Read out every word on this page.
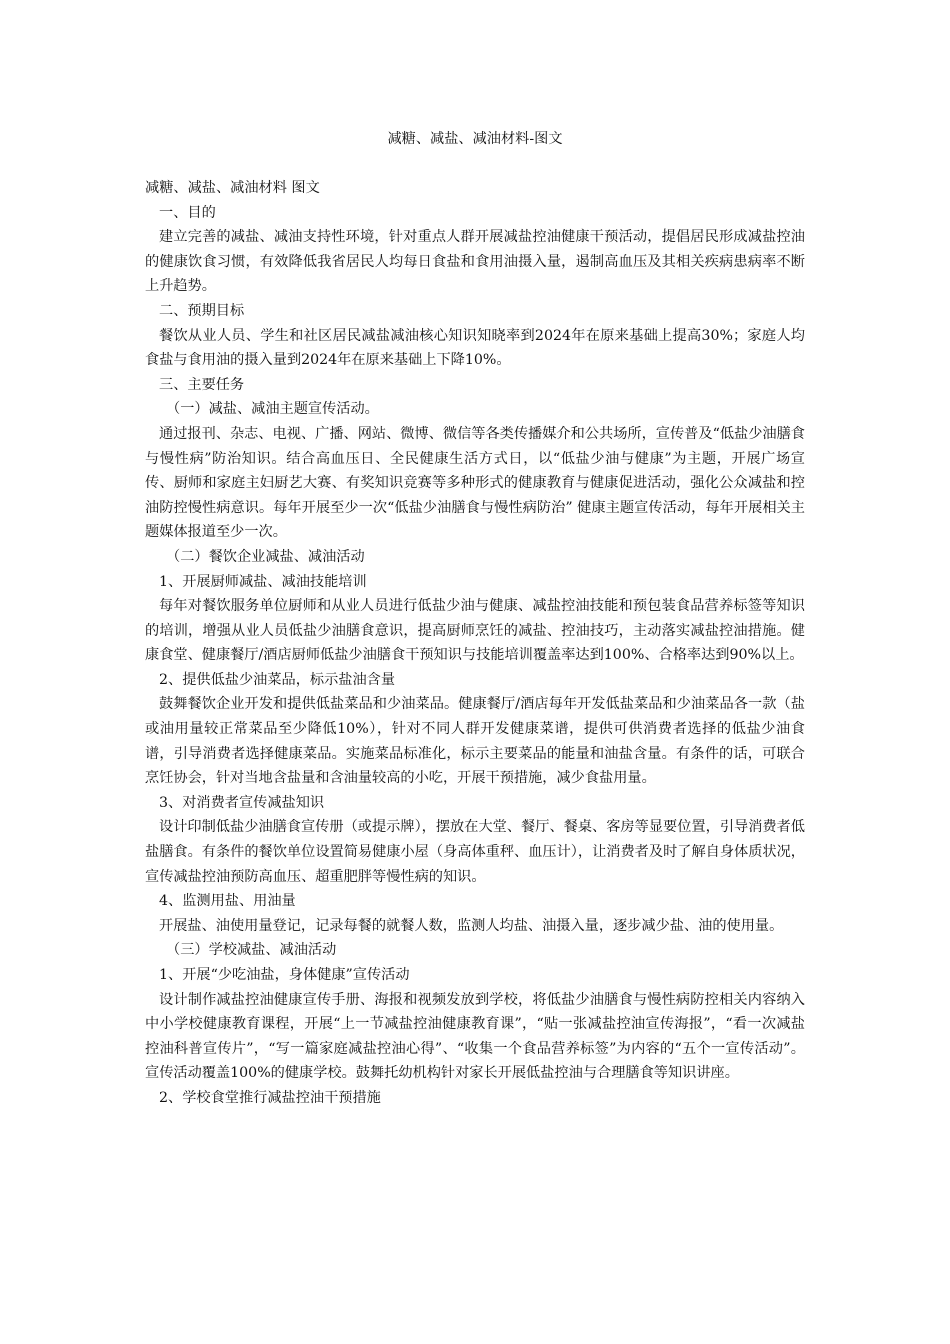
减糖、减盐、减油材料-图文
减糖、减盐、减油材料 图文
一、目的
建立完善的减盐、减油支持性环境，针对重点人群开展减盐控油健康干预活动，提倡居民形成减盐控油的健康饮食习惯，有效降低我省居民人均每日食盐和食用油摄入量，遏制高血压及其相关疾病患病率不断上升趋势。
二、预期目标
餐饮从业人员、学生和社区居民减盐减油核心知识知晓率到2024年在原来基础上提高30%；家庭人均食盐与食用油的摄入量到2024年在原来基础上下降10%。
三、主要任务
（一）减盐、减油主题宣传活动。
通过报刊、杂志、电视、广播、网站、微博、微信等各类传播媒介和公共场所，宣传普及“低盐少油膳食与慢性病”防治知识。结合高血压日、全民健康生活方式日，以“低盐少油与健康”为主题，开展广场宣传、厨师和家庭主妇厨艺大赛、有奖知识竞赛等多种形式的健康教育与健康促进活动，强化公众减盐和控油防控慢性病意识。每年开展至少一次“低盐少油膳食与慢性病防治” 健康主题宣传活动，每年开展相关主题媒体报道至少一次。
（二）餐饮企业减盐、减油活动
1、开展厨师减盐、减油技能培训
每年对餐饮服务单位厨师和从业人员进行低盐少油与健康、减盐控油技能和预包装食品营养标签等知识的培训，增强从业人员低盐少油膳食意识，提高厨师烹饪的减盐、控油技巧，主动落实减盐控油措施。健康食堂、健康餐厅/酒店厨师低盐少油膳食干预知识与技能培训覆盖率达到100%、合格率达到90%以上。
2、提供低盐少油菜品，标示盐油含量
鼓舞餐饮企业开发和提供低盐菜品和少油菜品。健康餐厅/酒店每年开发低盐菜品和少油菜品各一款（盐或油用量较正常菜品至少降低10%），针对不同人群开发健康菜谱，提供可供消费者选择的低盐少油食谱，引导消费者选择健康菜品。实施菜品标准化，标示主要菜品的能量和油盐含量。有条件的话，可联合烹饪协会，针对当地含盐量和含油量较高的小吃，开展干预措施，减少食盐用量。
3、对消费者宣传减盐知识
设计印制低盐少油膳食宣传册（或提示牌），摆放在大堂、餐厅、餐桌、客房等显要位置，引导消费者低盐膳食。有条件的餐饮单位设置简易健康小屋（身高体重秤、血压计），让消费者及时了解自身体质状况，宣传减盐控油预防高血压、超重肥胖等慢性病的知识。
4、监测用盐、用油量
开展盐、油使用量登记，记录每餐的就餐人数，监测人均盐、油摄入量，逐步减少盐、油的使用量。
（三）学校减盐、减油活动
1、开展“少吃油盐，身体健康”宣传活动
设计制作减盐控油健康宣传手册、海报和视频发放到学校，将低盐少油膳食与慢性病防控相关内容纳入中小学校健康教育课程，开展“上一节减盐控油健康教育课”，“贴一张减盐控油宣传海报”，“看一次减盐控油科普宣传片”，“写一篇家庭减盐控油心得”、“收集一个食品营养标签”为内容的“五个一宣传活动”。宣传活动覆盖100%的健康学校。鼓舞托幼机构针对家长开展低盐控油与合理膳食等知识讲座。
2、学校食堂推行减盐控油干预措施
